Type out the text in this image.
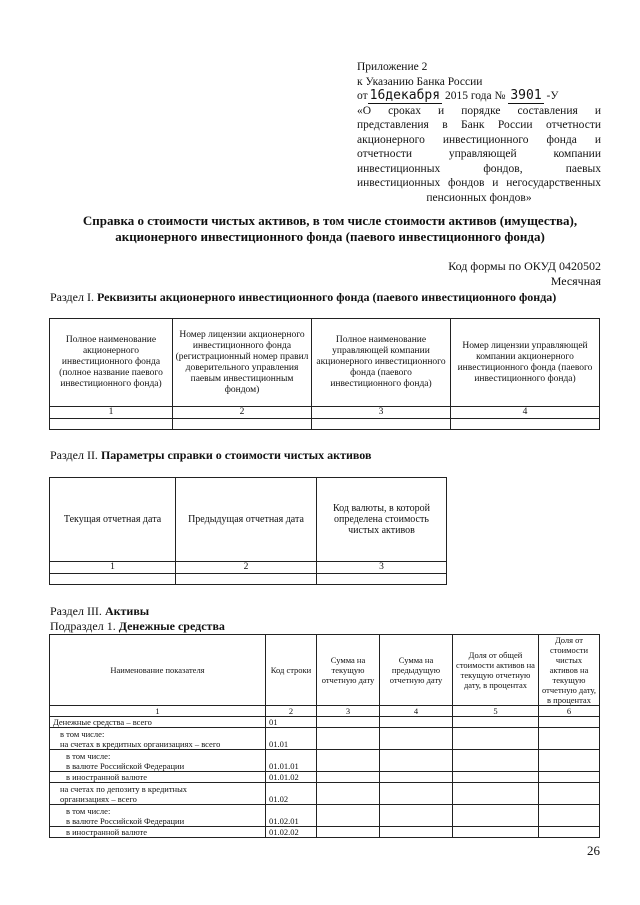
Приложение 2
к Указанию Банка России
от 16декабря 2015 года № 3901 -У
«О сроках и порядке составления и
представления в Банк России отчетности
акционерного инвестиционного фонда и
отчетности управляющей компании
инвестиционных фондов, паевых
инвестиционных фондов и негосударственных
пенсионных фондов»
Справка о стоимости чистых активов, в том числе стоимости активов (имущества),
акционерного инвестиционного фонда (паевого инвестиционного фонда)
Код формы по ОКУД 0420502
Месячная
Раздел I. Реквизиты акционерного инвестиционного фонда (паевого инвестиционного фонда)
Полное наименование акционерного инвестиционного фонда (полное название паевого инвестиционного фонда)	Номер лицензии акционерного инвестиционного фонда (регистрационный номер правил доверительного управления паевым инвестиционным фондом)	Полное наименование управляющей компании акционерного инвестиционного фонда (паевого инвестиционного фонда)	Номер лицензии управляющей компании акционерного инвестиционного фонда (паевого инвестиционного фонда)
1	2	3	4

Раздел II. Параметры справки о стоимости чистых активов
Текущая отчетная дата	Предыдущая отчетная дата	Код валюты, в которой определена стоимость чистых активов
1	2	3

Раздел III. Активы
Подраздел 1. Денежные средства
Наименование показателя	Код строки	Сумма на текущую отчетную дату	Сумма на предыдущую отчетную дату	Доля от общей стоимости активов на текущую отчетную дату, в процентах	Доля от стоимости чистых активов на текущую отчетную дату, в процентах
1	2	3	4	5	6
Денежные средства – всего	01				

в том числе:
на счетах в кредитных организациях – всего	01.01				

в том числе:
в валюте Российской Федерации	01.01.01				
в иностранной валюте	01.01.02				

на счетах по депозиту в кредитных
организациях – всего	01.02				

в том числе:
в валюте Российской Федерации	01.02.01				
в иностранной валюте	01.02.02				
26
